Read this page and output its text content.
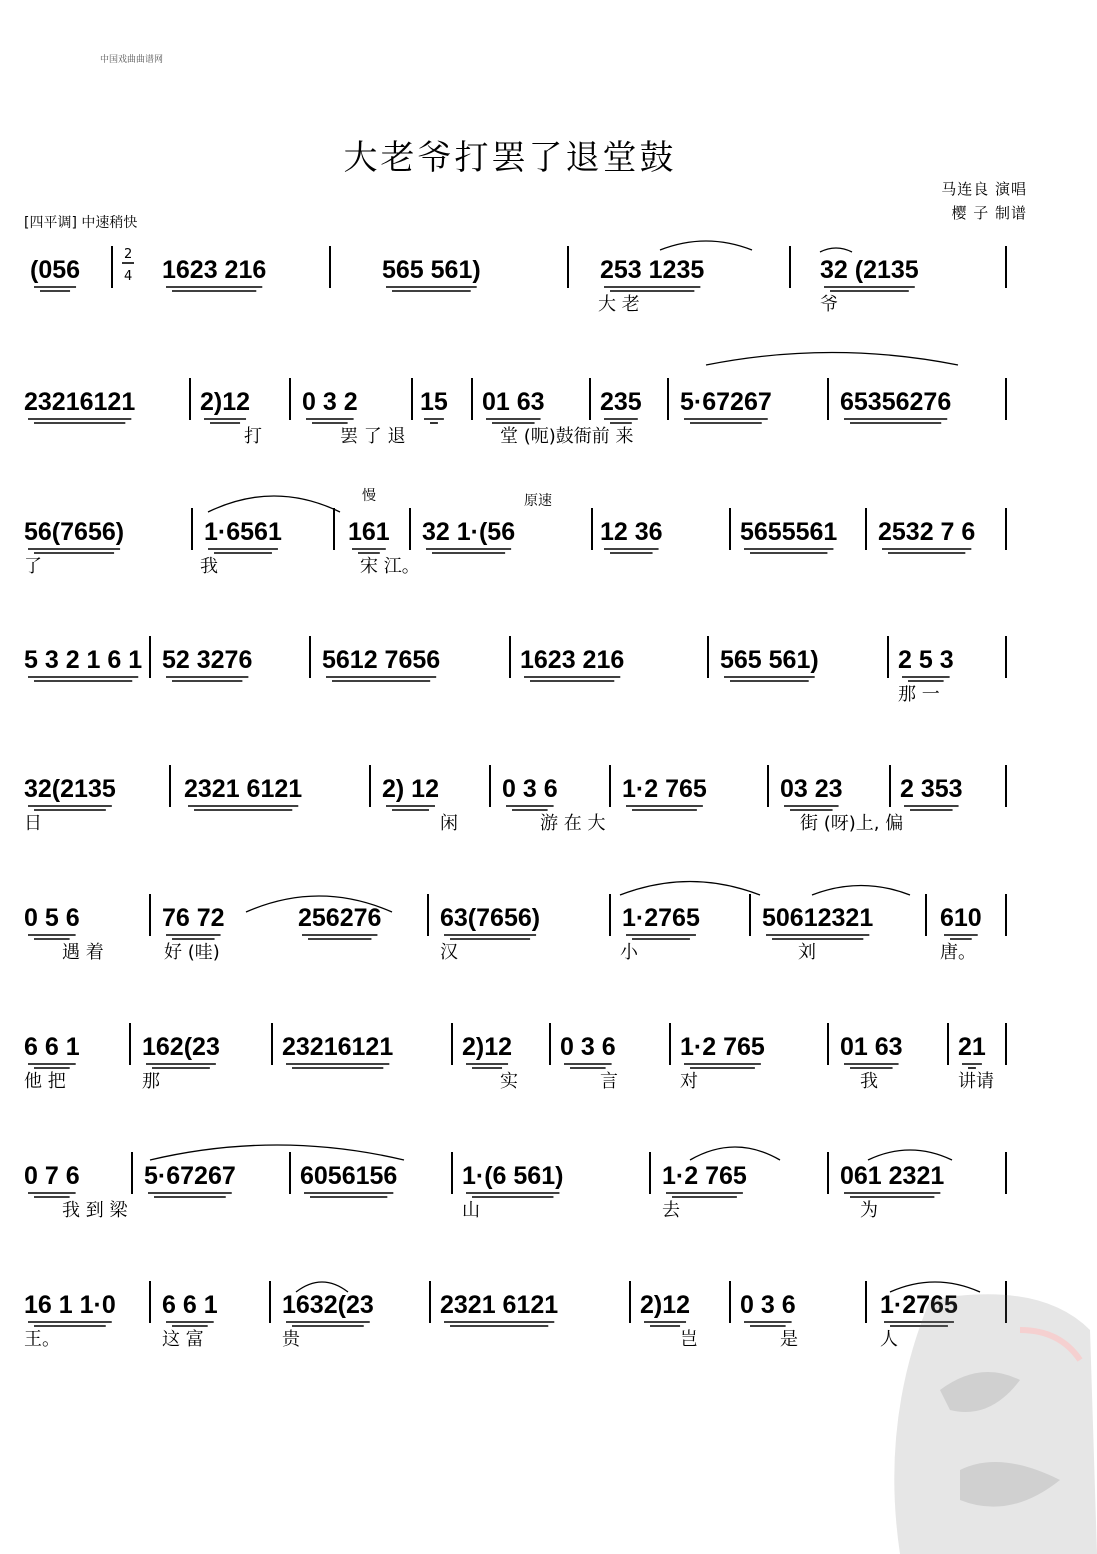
中国戏曲曲谱网
大老爷打罢了退堂鼓
马连良 演唱
樱 子 制谱
[四平调] 中速稍快
2
4
慢	原速
(056	1623 216	565 561)	253 1235	32 (2135
大 老	爷
23216121	2)12 0 3 2 15 01 63 235 5·67267	65356276
打	罢 了 退	堂 (呃)鼓衙前 来
56(7656)	1·6561	161 32 1·(56	12 36	5655561 2532 7 6
了	我	宋 江。
5 3 2 1 6 1 52 3276	5612 7656	1623 216	565 561)	2 5 3
那 一
32(2135	2321 6121	2) 12	0 3 6	1·2 765	03 23 2 353
日	闲	游 在 大	街 (呀)上, 偏
0 5 6	76 72	256276 63(7656)	1·2765 50612321	610
遇 着	好 (哇)	汉	小	刘	唐。
6 6 1 162(23 23216121	2)12 0 3 6	1·2 765	01 63 21
他 把	那	实	言	对	我	讲请
0 7 6	5·67267	6056156	1·(6 561)	1·2 765	061 2321
我 到 梁	山	去	为
16 1 1·0 6 6 1	1632(23	2321 6121	2)12 0 3 6	1·2765
王。	这 富	贵	岂	是	人
